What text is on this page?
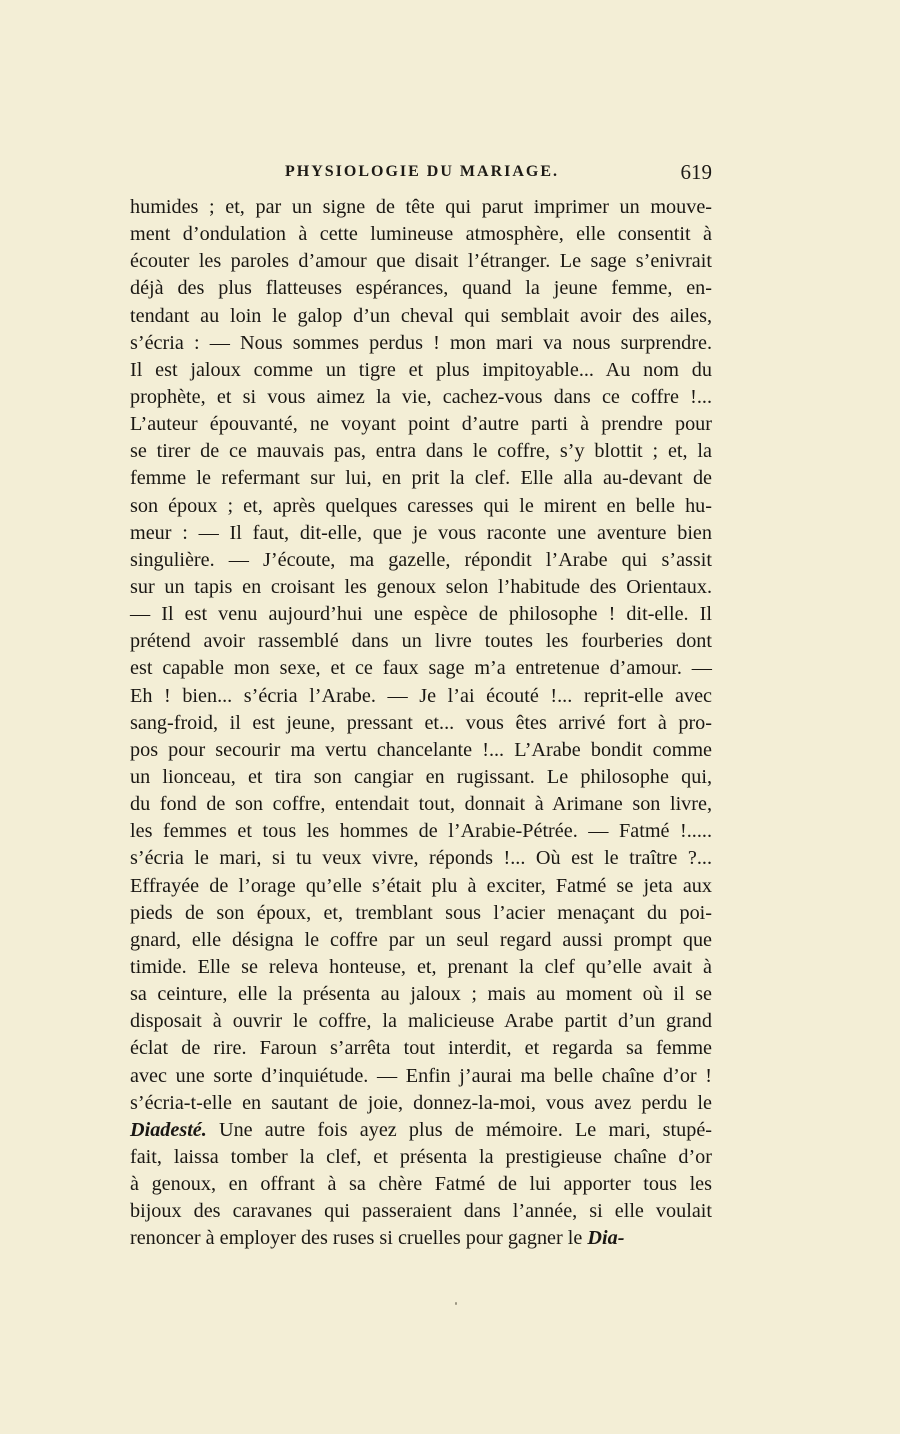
PHYSIOLOGIE DU MARIAGE.	619
humides ; et, par un signe de tête qui parut imprimer un mouve-
ment d’ondulation à cette lumineuse atmosphère, elle consentit à
écouter les paroles d’amour que disait l’étranger. Le sage s’enivrait
déjà des plus flatteuses espérances, quand la jeune femme, en-
tendant au loin le galop d’un cheval qui semblait avoir des ailes,
s’écria : — Nous sommes perdus ! mon mari va nous surprendre.
Il est jaloux comme un tigre et plus impitoyable... Au nom du
prophète, et si vous aimez la vie, cachez-vous dans ce coffre !...
L’auteur épouvanté, ne voyant point d’autre parti à prendre pour
se tirer de ce mauvais pas, entra dans le coffre, s’y blottit ; et, la
femme le refermant sur lui, en prit la clef. Elle alla au-devant de
son époux ; et, après quelques caresses qui le mirent en belle hu-
meur : — Il faut, dit-elle, que je vous raconte une aventure bien
singulière. — J’écoute, ma gazelle, répondit l’Arabe qui s’assit
sur un tapis en croisant les genoux selon l’habitude des Orientaux.
— Il est venu aujourd’hui une espèce de philosophe ! dit-elle. Il
prétend avoir rassemblé dans un livre toutes les fourberies dont
est capable mon sexe, et ce faux sage m’a entretenue d’amour. —
Eh ! bien... s’écria l’Arabe. — Je l’ai écouté !... reprit-elle avec
sang-froid, il est jeune, pressant et... vous êtes arrivé fort à pro-
pos pour secourir ma vertu chancelante !... L’Arabe bondit comme
un lionceau, et tira son cangiar en rugissant. Le philosophe qui,
du fond de son coffre, entendait tout, donnait à Arimane son livre,
les femmes et tous les hommes de l’Arabie-Pétrée. — Fatmé !.....
s’écria le mari, si tu veux vivre, réponds !... Où est le traître ?...
Effrayée de l’orage qu’elle s’était plu à exciter, Fatmé se jeta aux
pieds de son époux, et, tremblant sous l’acier menaçant du poi-
gnard, elle désigna le coffre par un seul regard aussi prompt que
timide. Elle se releva honteuse, et, prenant la clef qu’elle avait à
sa ceinture, elle la présenta au jaloux ; mais au moment où il se
disposait à ouvrir le coffre, la malicieuse Arabe partit d’un grand
éclat de rire. Faroun s’arrêta tout interdit, et regarda sa femme
avec une sorte d’inquiétude. — Enfin j’aurai ma belle chaîne d’or !
s’écria-t-elle en sautant de joie, donnez-la-moi, vous avez perdu le
Diadesté. Une autre fois ayez plus de mémoire. Le mari, stupé-
fait, laissa tomber la clef, et présenta la prestigieuse chaîne d’or
à genoux, en offrant à sa chère Fatmé de lui apporter tous les
bijoux des caravanes qui passeraient dans l’année, si elle voulait
renoncer à employer des ruses si cruelles pour gagner le Dia-
